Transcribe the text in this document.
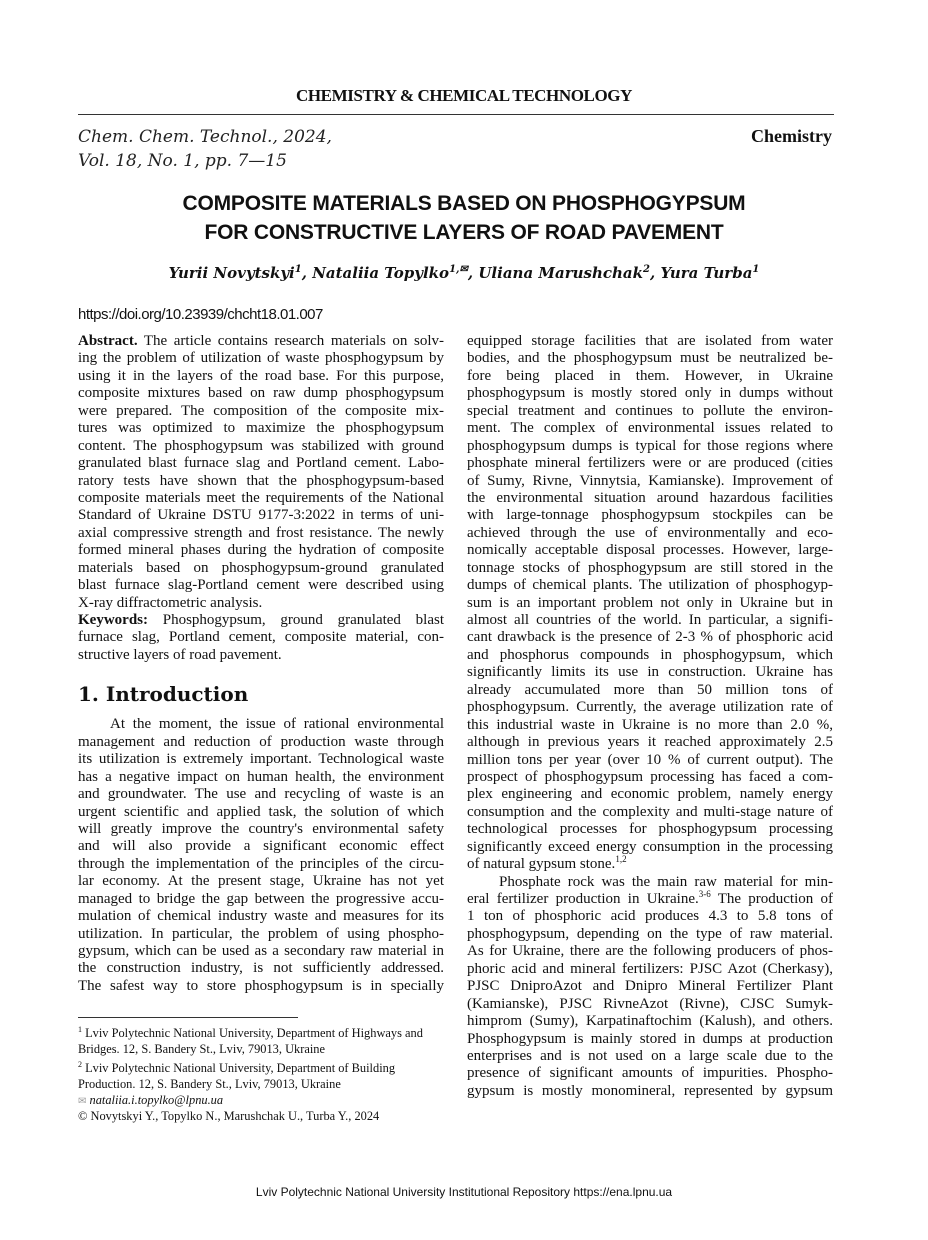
CHEMISTRY & CHEMICAL TECHNOLOGY
Chem. Chem. Technol., 2024,
Vol. 18, No. 1, pp. 7—15
Chemistry
COMPOSITE MATERIALS BASED ON PHOSPHOGYPSUM
FOR CONSTRUCTIVE LAYERS OF ROAD PAVEMENT
Yurii Novytskyi$^1$, Nataliia Topylko$^{1,✉}$, Uliana Marushchak$^2$, Yura Turba$^1$
https://doi.org/10.23939/chcht18.01.007
Abstract. The article contains research materials on solv-
ing the problem of utilization of waste phosphogypsum by
using it in the layers of the road base. For this purpose,
composite mixtures based on raw dump phosphogypsum
were prepared. The composition of the composite mix-
tures was optimized to maximize the phosphogypsum
content. The phosphogypsum was stabilized with ground
granulated blast furnace slag and Portland cement. Labo-
ratory tests have shown that the phosphogypsum-based
composite materials meet the requirements of the National
Standard of Ukraine DSTU 9177-3:2022 in terms of uni-
axial compressive strength and frost resistance. The newly
formed mineral phases during the hydration of composite
materials based on phosphogypsum-ground granulated
blast furnace slag-Portland cement were described using
X-ray diffractometric analysis.
Keywords: Phosphogypsum, ground granulated blast
furnace slag, Portland cement, composite material, con-
structive layers of road pavement.
1. Introduction
At the moment, the issue of rational environmental
management and reduction of production waste through
its utilization is extremely important. Technological waste
has a negative impact on human health, the environment
and groundwater. The use and recycling of waste is an
urgent scientific and applied task, the solution of which
will greatly improve the country's environmental safety
and will also provide a significant economic effect
through the implementation of the principles of the circu-
lar economy. At the present stage, Ukraine has not yet
managed to bridge the gap between the progressive accu-
mulation of chemical industry waste and measures for its
utilization. In particular, the problem of using phospho-
gypsum, which can be used as a secondary raw material in
the construction industry, is not sufficiently addressed.
The safest way to store phosphogypsum is in specially
equipped storage facilities that are isolated from water
bodies, and the phosphogypsum must be neutralized be-
fore being placed in them. However, in Ukraine
phosphogypsum is mostly stored only in dumps without
special treatment and continues to pollute the environ-
ment. The complex of environmental issues related to
phosphogypsum dumps is typical for those regions where
phosphate mineral fertilizers were or are produced (cities
of Sumy, Rivne, Vinnytsia, Kamianske). Improvement of
the environmental situation around hazardous facilities
with large-tonnage phosphogypsum stockpiles can be
achieved through the use of environmentally and eco-
nomically acceptable disposal processes. However, large-
tonnage stocks of phosphogypsum are still stored in the
dumps of chemical plants. The utilization of phosphogyp-
sum is an important problem not only in Ukraine but in
almost all countries of the world. In particular, a signifi-
cant drawback is the presence of 2-3 % of phosphoric acid
and phosphorus compounds in phosphogypsum, which
significantly limits its use in construction. Ukraine has
already accumulated more than 50 million tons of
phosphogypsum. Currently, the average utilization rate of
this industrial waste in Ukraine is no more than 2.0 %,
although in previous years it reached approximately 2.5
million tons per year (over 10 % of current output). The
prospect of phosphogypsum processing has faced a com-
plex engineering and economic problem, namely energy
consumption and the complexity and multi-stage nature of
technological processes for phosphogypsum processing
significantly exceed energy consumption in the processing
of natural gypsum stone.$^{1,2}$
Phosphate rock was the main raw material for min-
eral fertilizer production in Ukraine.$^{3-6}$ The production of
1 ton of phosphoric acid produces 4.3 to 5.8 tons of
phosphogypsum, depending on the type of raw material.
As for Ukraine, there are the following producers of phos-
phoric acid and mineral fertilizers: PJSC Azot (Cherkasy),
PJSC DniproAzot and Dnipro Mineral Fertilizer Plant
(Kamianske), PJSC RivneAzot (Rivne), CJSC Sumyk-
himprom (Sumy), Karpatinaftochim (Kalush), and others.
Phosphogypsum is mainly stored in dumps at production
enterprises and is not used on a large scale due to the
presence of significant amounts of impurities. Phospho-
gypsum is mostly monomineral, represented by gypsum
$^1$ Lviv Polytechnic National University, Department of Highways and Bridges. 12, S. Bandery St., Lviv, 79013, Ukraine
$^2$ Lviv Polytechnic National University, Department of Building Production. 12, S. Bandery St., Lviv, 79013, Ukraine
✉ nataliia.i.topylko@lpnu.ua
© Novytskyi Y., Topylko N., Marushchak U., Turba Y., 2024
Lviv Polytechnic National University Institutional Repository https://ena.lpnu.ua
